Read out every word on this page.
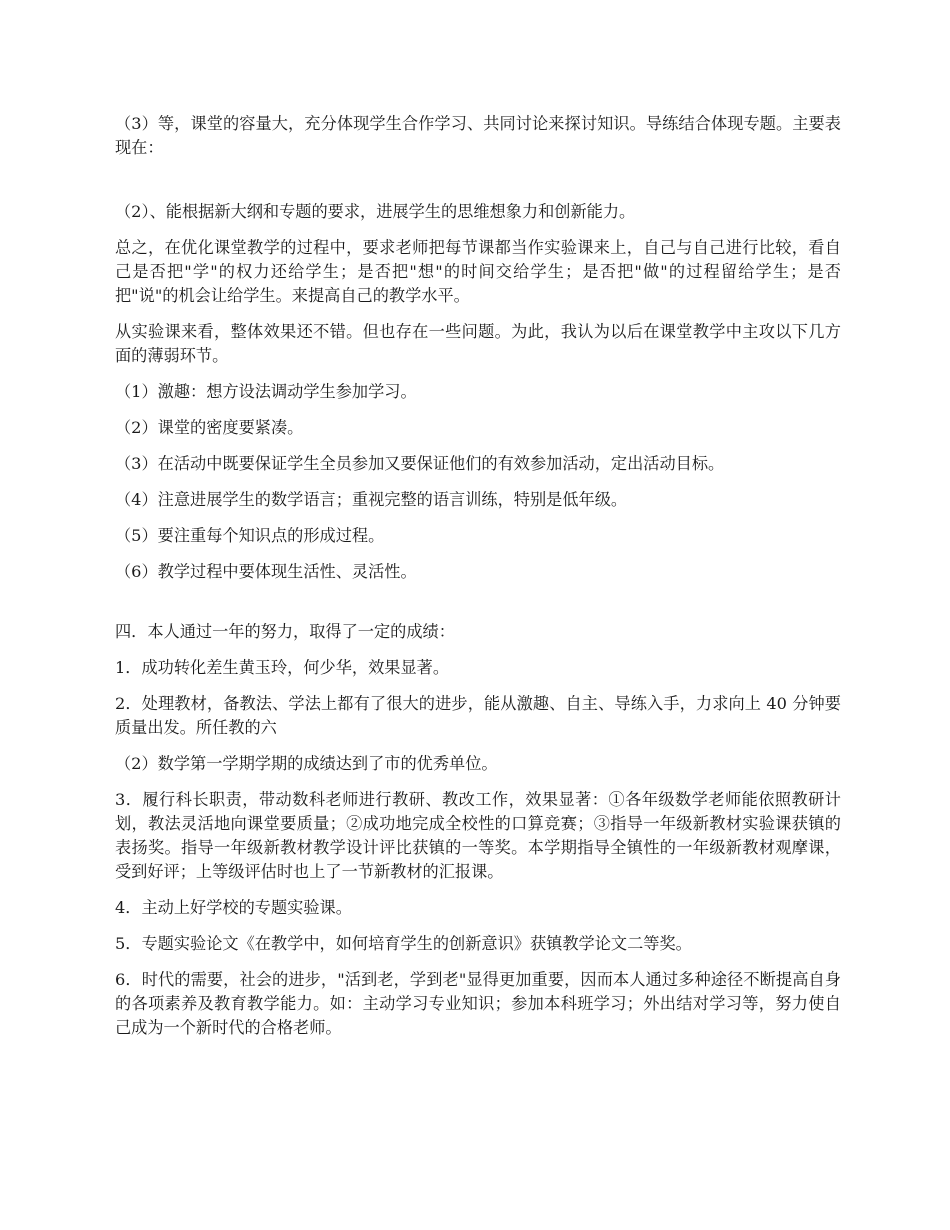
（3）等，课堂的容量大，充分体现学生合作学习、共同讨论来探讨知识。导练结合体现专题。主要表现在：

（2）、能根据新大纲和专题的要求，进展学生的思维想象力和创新能力。

总之，在优化课堂教学的过程中，要求老师把每节课都当作实验课来上，自己与自己进行比较，看自己是否把"学"的权力还给学生；是否把"想"的时间交给学生；是否把"做"的过程留给学生；是否把"说"的机会让给学生。来提高自己的教学水平。

从实验课来看，整体效果还不错。但也存在一些问题。为此，我认为以后在课堂教学中主攻以下几方面的薄弱环节。

（1）激趣：想方设法调动学生参加学习。

（2）课堂的密度要紧凑。

（3）在活动中既要保证学生全员参加又要保证他们的有效参加活动，定出活动目标。

（4）注意进展学生的数学语言；重视完整的语言训练，特别是低年级。

（5）要注重每个知识点的形成过程。

（6）教学过程中要体现生活性、灵活性。

四．本人通过一年的努力，取得了一定的成绩：

1．成功转化差生黄玉玲，何少华，效果显著。

2．处理教材，备教法、学法上都有了很大的进步，能从激趣、自主、导练入手，力求向上 40 分钟要质量出发。所任教的六

（2）数学第一学期学期的成绩达到了市的优秀单位。

3．履行科长职责，带动数科老师进行教研、教改工作，效果显著：①各年级数学老师能依照教研计划，教法灵活地向课堂要质量；②成功地完成全校性的口算竞赛；③指导一年级新教材实验课获镇的表扬奖。指导一年级新教材教学设计评比获镇的一等奖。本学期指导全镇性的一年级新教材观摩课，受到好评；上等级评估时也上了一节新教材的汇报课。

4．主动上好学校的专题实验课。

5．专题实验论文《在教学中，如何培育学生的创新意识》获镇教学论文二等奖。

6．时代的需要，社会的进步，"活到老，学到老"显得更加重要，因而本人通过多种途径不断提高自身的各项素养及教育教学能力。如：主动学习专业知识；参加本科班学习；外出结对学习等，努力使自己成为一个新时代的合格老师。
